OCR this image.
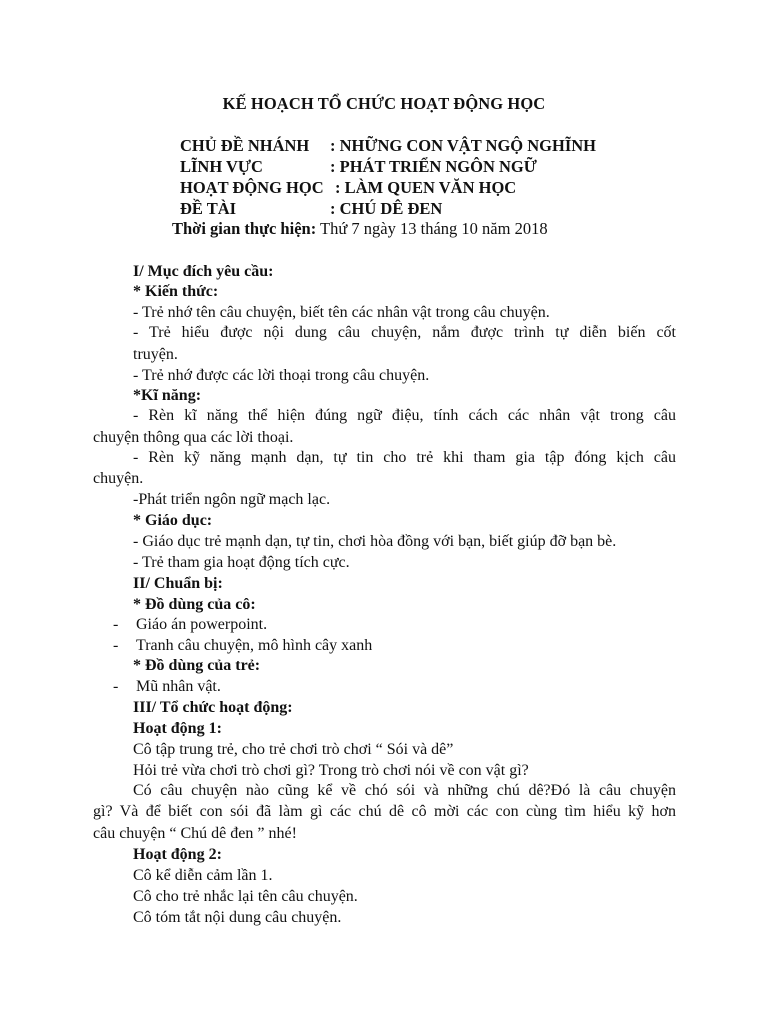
KẾ HOẠCH TỔ CHỨC HOẠT ĐỘNG HỌC
CHỦ ĐỀ NHÁNH : NHỮNG CON VẬT NGỘ NGHĨNH
LĨNH VỰC	: PHÁT TRIỂN NGÔN NGỮ
HOẠT ĐỘNG HỌC : LÀM QUEN VĂN HỌC
ĐỀ TÀI	: CHÚ DÊ ĐEN
Thời gian thực hiện: Thứ 7 ngày 13 tháng 10 năm 2018
I/ Mục đích yêu cầu:
* Kiến thức:
- Trẻ nhớ tên câu chuyện, biết tên các nhân vật trong câu chuyện.
- Trẻ hiểu được nội dung câu chuyện, nắm được trình tự diễn biến cốt
truyện.
- Trẻ nhớ được các lời thoại trong câu chuyện.
*Kĩ năng:
- Rèn kĩ năng thể hiện đúng ngữ điệu, tính cách các nhân vật trong câu
chuyện thông qua các lời thoại.
- Rèn kỹ năng mạnh dạn, tự tin cho trẻ khi tham gia tập đóng kịch câu
chuyện.
-Phát triển ngôn ngữ mạch lạc.
* Giáo dục:
- Giáo dục trẻ mạnh dạn, tự tin, chơi hòa đồng với bạn, biết giúp đỡ bạn bè.
- Trẻ tham gia hoạt động tích cực.
II/ Chuẩn bị:
* Đồ dùng của cô:
- Giáo án powerpoint.
- Tranh câu chuyện, mô hình cây xanh
* Đồ dùng của trẻ:
- Mũ nhân vật.
III/ Tổ chức hoạt động:
Hoạt động 1:
Cô tập trung trẻ, cho trẻ chơi trò chơi “ Sói và dê”
Hỏi trẻ vừa chơi trò chơi gì? Trong trò chơi nói về con vật gì?
Có câu chuyện nào cũng kể về chó sói và những chú dê?Đó là câu chuyện
gì? Và để biết con sói đã làm gì các chú dê cô mời các con cùng tìm hiểu kỹ hơn
câu chuyện “ Chú dê đen ” nhé!
Hoạt động 2:
Cô kể diễn cảm lần 1.
Cô cho trẻ nhắc lại tên câu chuyện.
Cô tóm tắt nội dung câu chuyện.
